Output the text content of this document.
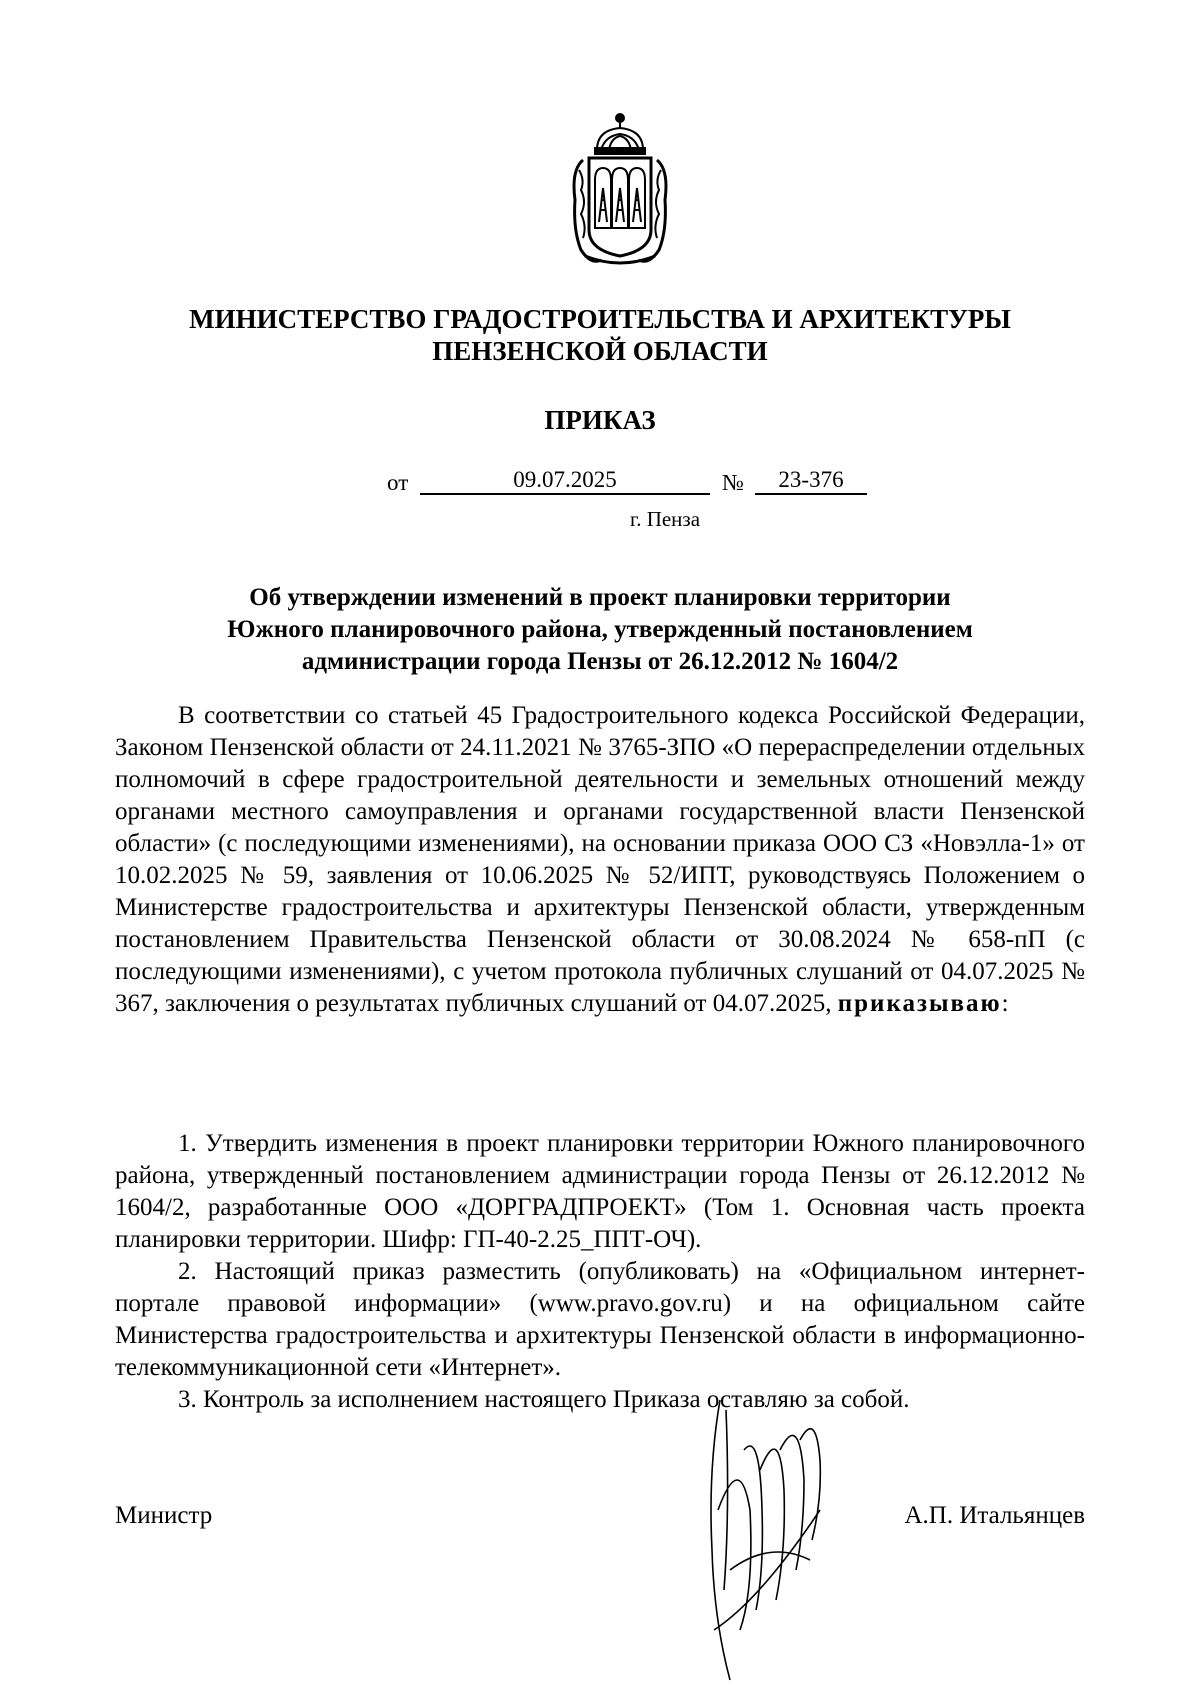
МИНИСТЕРСТВО ГРАДОСТРОИТЕЛЬСТВА И АРХИТЕКТУРЫ
ПЕНЗЕНСКОЙ ОБЛАСТИ
ПРИКАЗ
от	09.07.2025	№	23-376
г. Пенза
Об утверждении изменений в проект планировки территории
Южного планировочного района, утвержденный постановлением
администрации города Пензы от 26.12.2012 № 1604/2

В соответствии со статьей 45 Градостроительного кодекса Российской Федерации, Законом Пензенской области от 24.11.2021 № 3765-ЗПО «О перераспределении отдельных полномочий в сфере градостроительной деятельности и земельных отношений между органами местного самоуправления и органами государственной власти Пензенской области» (с последующими изменениями), на основании приказа ООО СЗ «Новэлла-1» от 10.02.2025 № 59, заявления от 10.06.2025 № 52/ИПТ, руководствуясь Положением о Министерстве градостроительства и архитектуры Пензенской области, утвержденным постановлением Правительства Пензенской области от 30.08.2024 № 658-пП (с последующими изменениями), с учетом протокола публичных слушаний от 04.07.2025 № 367, заключения о результатах публичных слушаний от 04.07.2025, приказываю:

1. Утвердить изменения в проект планировки территории Южного планировочного района, утвержденный постановлением администрации города Пензы от 26.12.2012 № 1604/2, разработанные ООО «ДОРГРАДПРОЕКТ» (Том 1. Основная часть проекта планировки территории. Шифр: ГП-40-2.25_ППТ-ОЧ).

2. Настоящий приказ разместить (опубликовать) на «Официальном интернет-портале правовой информации» (www.pravo.gov.ru) и на официальном сайте Министерства градостроительства и архитектуры Пензенской области в информационно-телекоммуникационной сети «Интернет».

3. Контроль за исполнением настоящего Приказа оставляю за собой.

Министр	А.П. Итальянцев
